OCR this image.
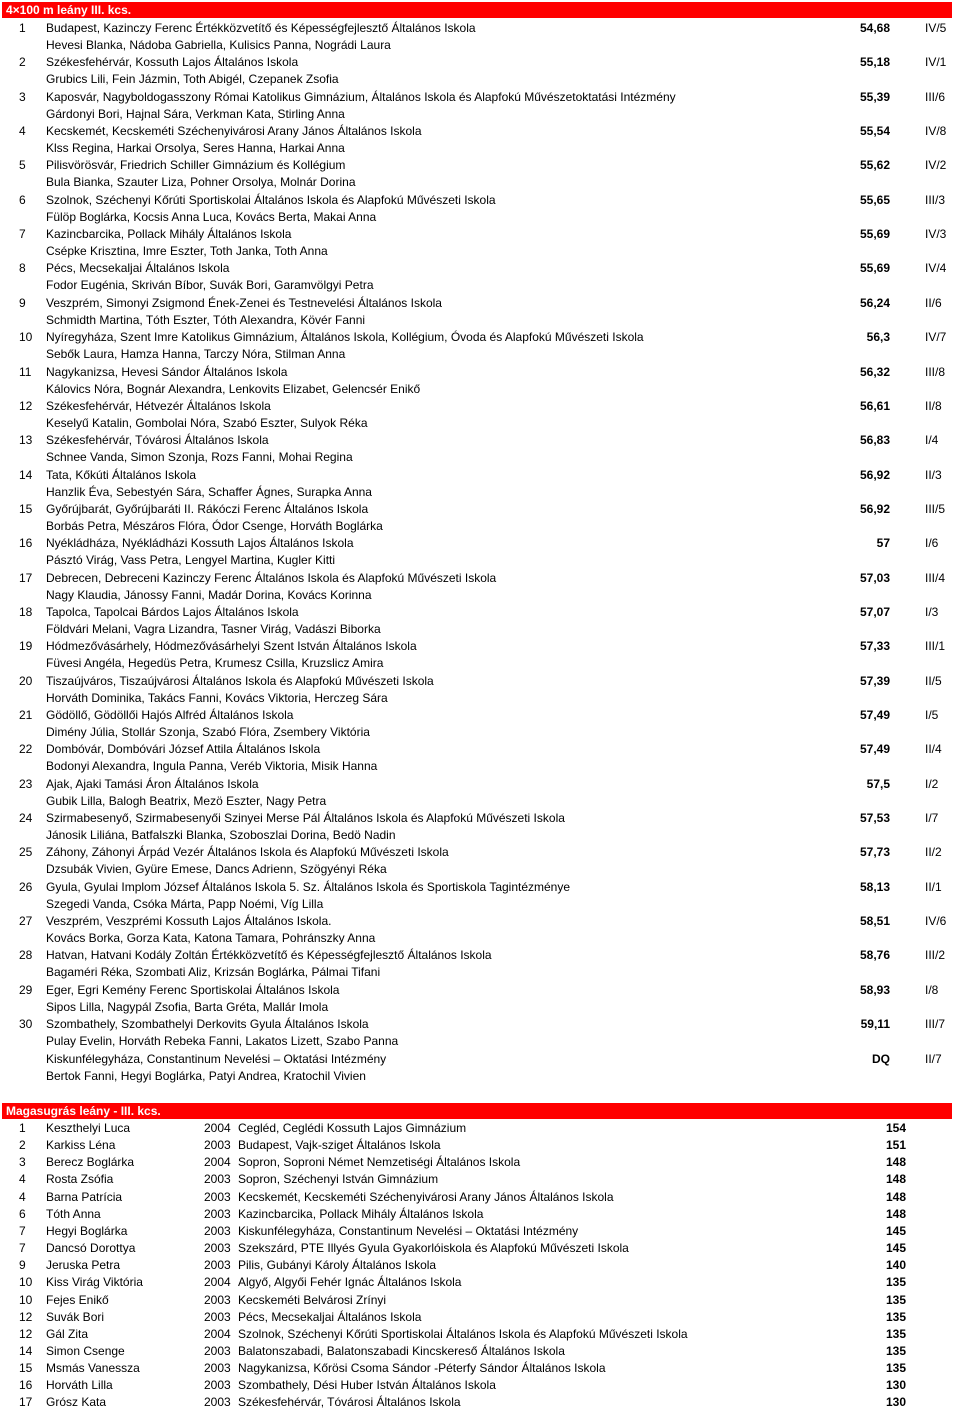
4×100 m leány III. kcs.
1 Budapest, Kazinczy Ferenc Értékközvetítő és Képességfejlesztő Általános Iskola	54,68	IV/5
Hevesi Blanka, Nádoba Gabriella, Kulisics Panna, Nográdi Laura
2 Székesfehérvár, Kossuth Lajos Általános Iskola	55,18	IV/1
Grubics Lili, Fein Jázmin, Toth Abigél, Czepanek Zsofia
3 Kaposvár, Nagyboldogasszony Római Katolikus Gimnázium, Általános Iskola és Alapfokú Művészetoktatási Intézmény	55,39	III/6
Gárdonyi Bori, Hajnal Sára, Verkman Kata, Stirling Anna
4 Kecskemét, Kecskeméti Széchenyivárosi Arany János Általános Iskola	55,54	IV/8
Klss Regina, Harkai Orsolya, Seres Hanna, Harkai Anna
5 Pilisvörösvár, Friedrich Schiller Gimnázium és Kollégium	55,62	IV/2
Bula Bianka, Szauter Liza, Pohner Orsolya, Molnár Dorina
6 Szolnok, Széchenyi Kőrúti Sportiskolai Általános Iskola és Alapfokú Művészeti Iskola	55,65	III/3
Fülöp Boglárka, Kocsis Anna Luca, Kovács Berta, Makai Anna
7 Kazincbarcika, Pollack Mihály Általános Iskola	55,69	IV/3
Csépke Krisztina, Imre Eszter, Toth Janka, Toth Anna
8 Pécs, Mecsekaljai Általános Iskola	55,69	IV/4
Fodor Eugénia, Skriván Bíbor, Suvák Bori, Garamvölgyi Petra
9 Veszprém, Simonyi Zsigmond Ének-Zenei és Testnevelési Általános Iskola	56,24	II/6
Schmidth Martina, Tóth Eszter, Tóth Alexandra, Kövér Fanni
10 Nyíregyháza, Szent Imre Katolikus Gimnázium, Általános Iskola, Kollégium, Óvoda és Alapfokú Művészeti Iskola	56,3	IV/7
Sebők Laura, Hamza Hanna, Tarczy Nóra, Stilman Anna
11 Nagykanizsa, Hevesi Sándor Általános Iskola	56,32	III/8
Kálovics Nóra, Bognár Alexandra, Lenkovits Elizabet, Gelencsér Enikő
12 Székesfehérvár, Hétvezér Általános Iskola	56,61	II/8
Keselyű Katalin, Gombolai Nóra, Szabó Eszter, Sulyok Réka
13 Székesfehérvár, Tóvárosi Általános Iskola	56,83	I/4
Schnee Vanda, Simon Szonja, Rozs Fanni, Mohai Regina
14 Tata, Kőkúti Általános Iskola	56,92	II/3
Hanzlik Éva, Sebestyén Sára, Schaffer Ágnes, Surapka Anna
15 Győrújbarát, Győrújbaráti II. Rákóczi Ferenc Általános Iskola	56,92	III/5
Borbás Petra, Mészáros Flóra, Ódor Csenge, Horváth Boglárka
16 Nyékládháza, Nyékládházi Kossuth Lajos Általános Iskola	57	I/6
Pásztó Virág, Vass Petra, Lengyel Martina, Kugler Kitti
17 Debrecen, Debreceni Kazinczy Ferenc Általános Iskola és Alapfokú Művészeti Iskola	57,03	III/4
Nagy Klaudia, Jánossy Fanni, Madár Dorina, Kovács Korinna
18 Tapolca, Tapolcai Bárdos Lajos Általános Iskola	57,07	I/3
Földvári Melani, Vagra Lizandra, Tasner Virág, Vadászi Biborka
19 Hódmezővásárhely, Hódmezővásárhelyi Szent István Általános Iskola	57,33	III/1
Füvesi Angéla, Hegedüs Petra, Krumesz Csilla, Kruzslicz Amira
20 Tiszaújváros, Tiszaújvárosi Általános Iskola és Alapfokú Művészeti Iskola	57,39	II/5
Horváth Dominika, Takács Fanni, Kovács Viktoria, Herczeg Sára
21 Gödöllő, Gödöllői Hajós Alfréd Általános Iskola	57,49	I/5
Dimény Júlia, Stollár Szonja, Szabó Flóra, Zsembery Viktória
22 Dombóvár, Dombóvári József Attila Általános Iskola	57,49	II/4
Bodonyi Alexandra, Ingula Panna, Veréb Viktoria, Misik Hanna
23 Ajak, Ajaki Tamási Áron Általános Iskola	57,5	I/2
Gubik Lilla, Balogh Beatrix, Mezö Eszter, Nagy Petra
24 Szirmabesenyő, Szirmabesenyői Szinyei Merse Pál Általános Iskola és Alapfokú Művészeti Iskola	57,53	I/7
Jánosik Liliána, Batfalszki Blanka, Szoboszlai Dorina, Bedö Nadin
25 Záhony, Záhonyi Árpád Vezér Általános Iskola és Alapfokú Művészeti Iskola	57,73	II/2
Dzsubák Vivien, Gyüre Emese, Dancs Adrienn, Szögyényi Réka
26 Gyula, Gyulai Implom József Általános Iskola 5. Sz. Általános Iskola és Sportiskola Tagintézménye	58,13	II/1
Szegedi Vanda, Csóka Márta, Papp Noémi, Víg Lilla
27 Veszprém, Veszprémi Kossuth Lajos Általános Iskola.	58,51	IV/6
Kovács Borka, Gorza Kata, Katona Tamara, Pohránszky Anna
28 Hatvan, Hatvani Kodály Zoltán Értékközvetítő és Képességfejlesztő Általános Iskola	58,76	III/2
Bagaméri Réka, Szombati Aliz, Krizsán Boglárka, Pálmai Tifani
29 Eger, Egri Kemény Ferenc Sportiskolai Általános Iskola	58,93	I/8
Sipos Lilla, Nagypál Zsofia, Barta Gréta, Mallár Imola
30 Szombathely, Szombathelyi Derkovits Gyula Általános Iskola	59,11	III/7
Pulay Evelin, Horváth Rebeka Fanni, Lakatos Lizett, Szabo Panna
Kiskunfélegyháza, Constantinum Nevelési – Oktatási Intézmény	DQ	II/7
Bertok Fanni, Hegyi Boglárka, Patyi Andrea, Kratochil Vivien
Magasugrás leány - III. kcs.
1 Keszthelyi Luca	2004 Cegléd, Ceglédi Kossuth Lajos Gimnázium	154
2 Karkiss Léna	2003 Budapest, Vajk-sziget Általános Iskola	151
3 Berecz Boglárka	2004 Sopron, Soproni Német Nemzetiségi Általános Iskola	148
4 Rosta Zsófia	2003 Sopron, Széchenyi István Gimnázium	148
4 Barna Patrícia	2003 Kecskemét, Kecskeméti Széchenyivárosi Arany János Általános Iskola	148
6 Tóth Anna	2003 Kazincbarcika, Pollack Mihály Általános Iskola	148
7 Hegyi Boglárka	2003 Kiskunfélegyháza, Constantinum Nevelési – Oktatási Intézmény	145
7 Dancsó Dorottya	2003 Szekszárd, PTE Illyés Gyula Gyakorlóiskola és Alapfokú Művészeti Iskola	145
9 Jeruska Petra	2003 Pilis, Gubányi Károly Általános Iskola	140
10 Kiss Virág Viktória	2004 Algyő, Algyői Fehér Ignác Általános Iskola	135
10 Fejes Enikő	2003 Kecskeméti Belvárosi Zrínyi	135
12 Suvák Bori	2003 Pécs, Mecsekaljai Általános Iskola	135
12 Gál Zita	2004 Szolnok, Széchenyi Kőrúti Sportiskolai Általános Iskola és Alapfokú Művészeti Iskola	135
14 Simon Csenge	2003 Balatonszabadi, Balatonszabadi Kincskereső Általános Iskola	135
15 Msmás Vanessza	2003 Nagykanizsa, Kőrösi Csoma Sándor -Péterfy Sándor Általános Iskola	135
16 Horváth Lilla	2003 Szombathely, Dési Huber István Általános Iskola	130
17 Grósz Kata	2003 Székesfehérvár, Tóvárosi Általános Iskola	130
